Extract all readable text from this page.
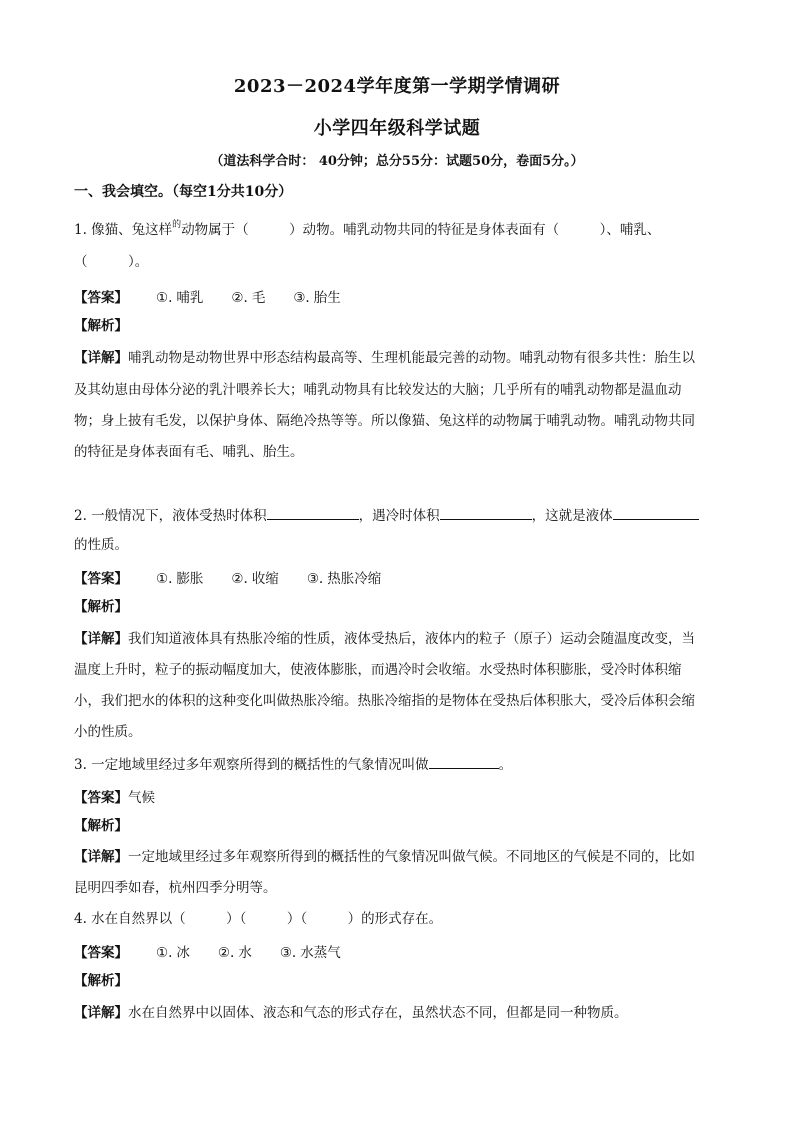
2023－2024学年度第一学期学情调研
小学四年级科学试题
（道法科学合时： 40分钟；总分55分：试题50分，卷面5分。）
一、我会填空。（每空1分共10分）
1. 像猫、兔这样$^的$动物属于（　　　）动物。哺乳动物共同的特征是身体表面有（　　　）、哺乳、
（　　　）。
【答案】 ①. 哺乳 ②. 毛 ③. 胎生
【解析】
【详解】哺乳动物是动物世界中形态结构最高等、生理机能最完善的动物。哺乳动物有很多共性：胎生以
及其幼崽由母体分泌的乳汁喂养长大；哺乳动物具有比较发达的大脑；几乎所有的哺乳动物都是温血动
物；身上披有毛发，以保护身体、隔绝冷热等等。所以像猫、兔这样的动物属于哺乳动物。哺乳动物共同
的特征是身体表面有毛、哺乳、胎生。
2. 一般情况下，液体受热时体积	，遇冷时体积	，这就是液体
的性质。
【答案】 ①. 膨胀 ②. 收缩 ③. 热胀冷缩
【解析】
【详解】我们知道液体具有热胀冷缩的性质，液体受热后，液体内的粒子（原子）运动会随温度改变，当
温度上升时，粒子的振动幅度加大，使液体膨胀，而遇冷时会收缩。水受热时体积膨胀，受冷时体积缩
小，我们把水的体积的这种变化叫做热胀冷缩。热胀冷缩指的是物体在受热后体积胀大，受冷后体积会缩
小的性质。
3. 一定地域里经过多年观察所得到的概括性的气象情况叫做	。
【答案】气候
【解析】
【详解】一定地域里经过多年观察所得到的概括性的气象情况叫做气候。不同地区的气候是不同的，比如
昆明四季如春，杭州四季分明等。
4. 水在自然界以（　　　）（　　　）（　　　）的形式存在。
【答案】 ①. 冰 ②. 水 ③. 水蒸气
【解析】
【详解】水在自然界中以固体、液态和气态的形式存在，虽然状态不同，但都是同一种物质。
